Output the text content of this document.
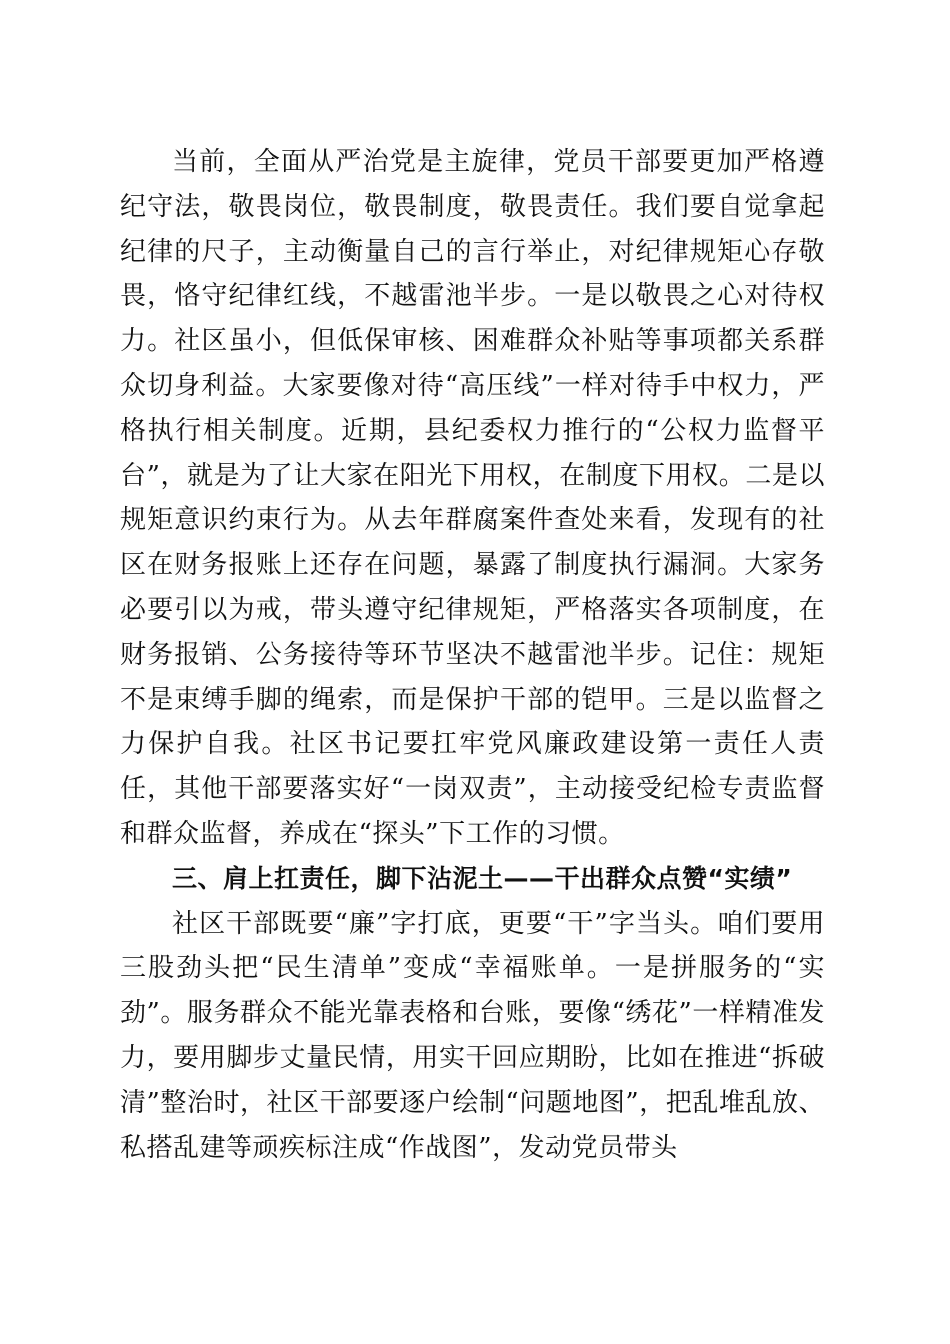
当前，全面从严治党是主旋律，党员干部要更加严格遵纪守法，敬畏岗位，敬畏制度，敬畏责任。我们要自觉拿起纪律的尺子，主动衡量自己的言行举止，对纪律规矩心存敬畏，恪守纪律红线，不越雷池半步。一是以敬畏之心对待权力。社区虽小，但低保审核、困难群众补贴等事项都关系群众切身利益。大家要像对待“高压线”一样对待手中权力，严格执行相关制度。近期，县纪委权力推行的“公权力监督平台”，就是为了让大家在阳光下用权，在制度下用权。二是以规矩意识约束行为。从去年群腐案件查处来看，发现有的社区在财务报账上还存在问题，暴露了制度执行漏洞。大家务必要引以为戒，带头遵守纪律规矩，严格落实各项制度，在财务报销、公务接待等环节坚决不越雷池半步。记住：规矩不是束缚手脚的绳索，而是保护干部的铠甲。三是以监督之力保护自我。社区书记要扛牢党风廉政建设第一责任人责任，其他干部要落实好“一岗双责”，主动接受纪检专责监督和群众监督，养成在“探头”下工作的习惯。

三、肩上扛责任，脚下沾泥土——干出群众点赞“实绩”

社区干部既要“廉”字打底，更要“干”字当头。咱们要用三股劲头把“民生清单”变成“幸福账单。一是拼服务的“实劲”。服务群众不能光靠表格和台账，要像“绣花”一样精准发力，要用脚步丈量民情，用实干回应期盼，比如在推进“拆破清”整治时，社区干部要逐户绘制“问题地图”，把乱堆乱放、私搭乱建等顽疾标注成“作战图”，发动党员带头
